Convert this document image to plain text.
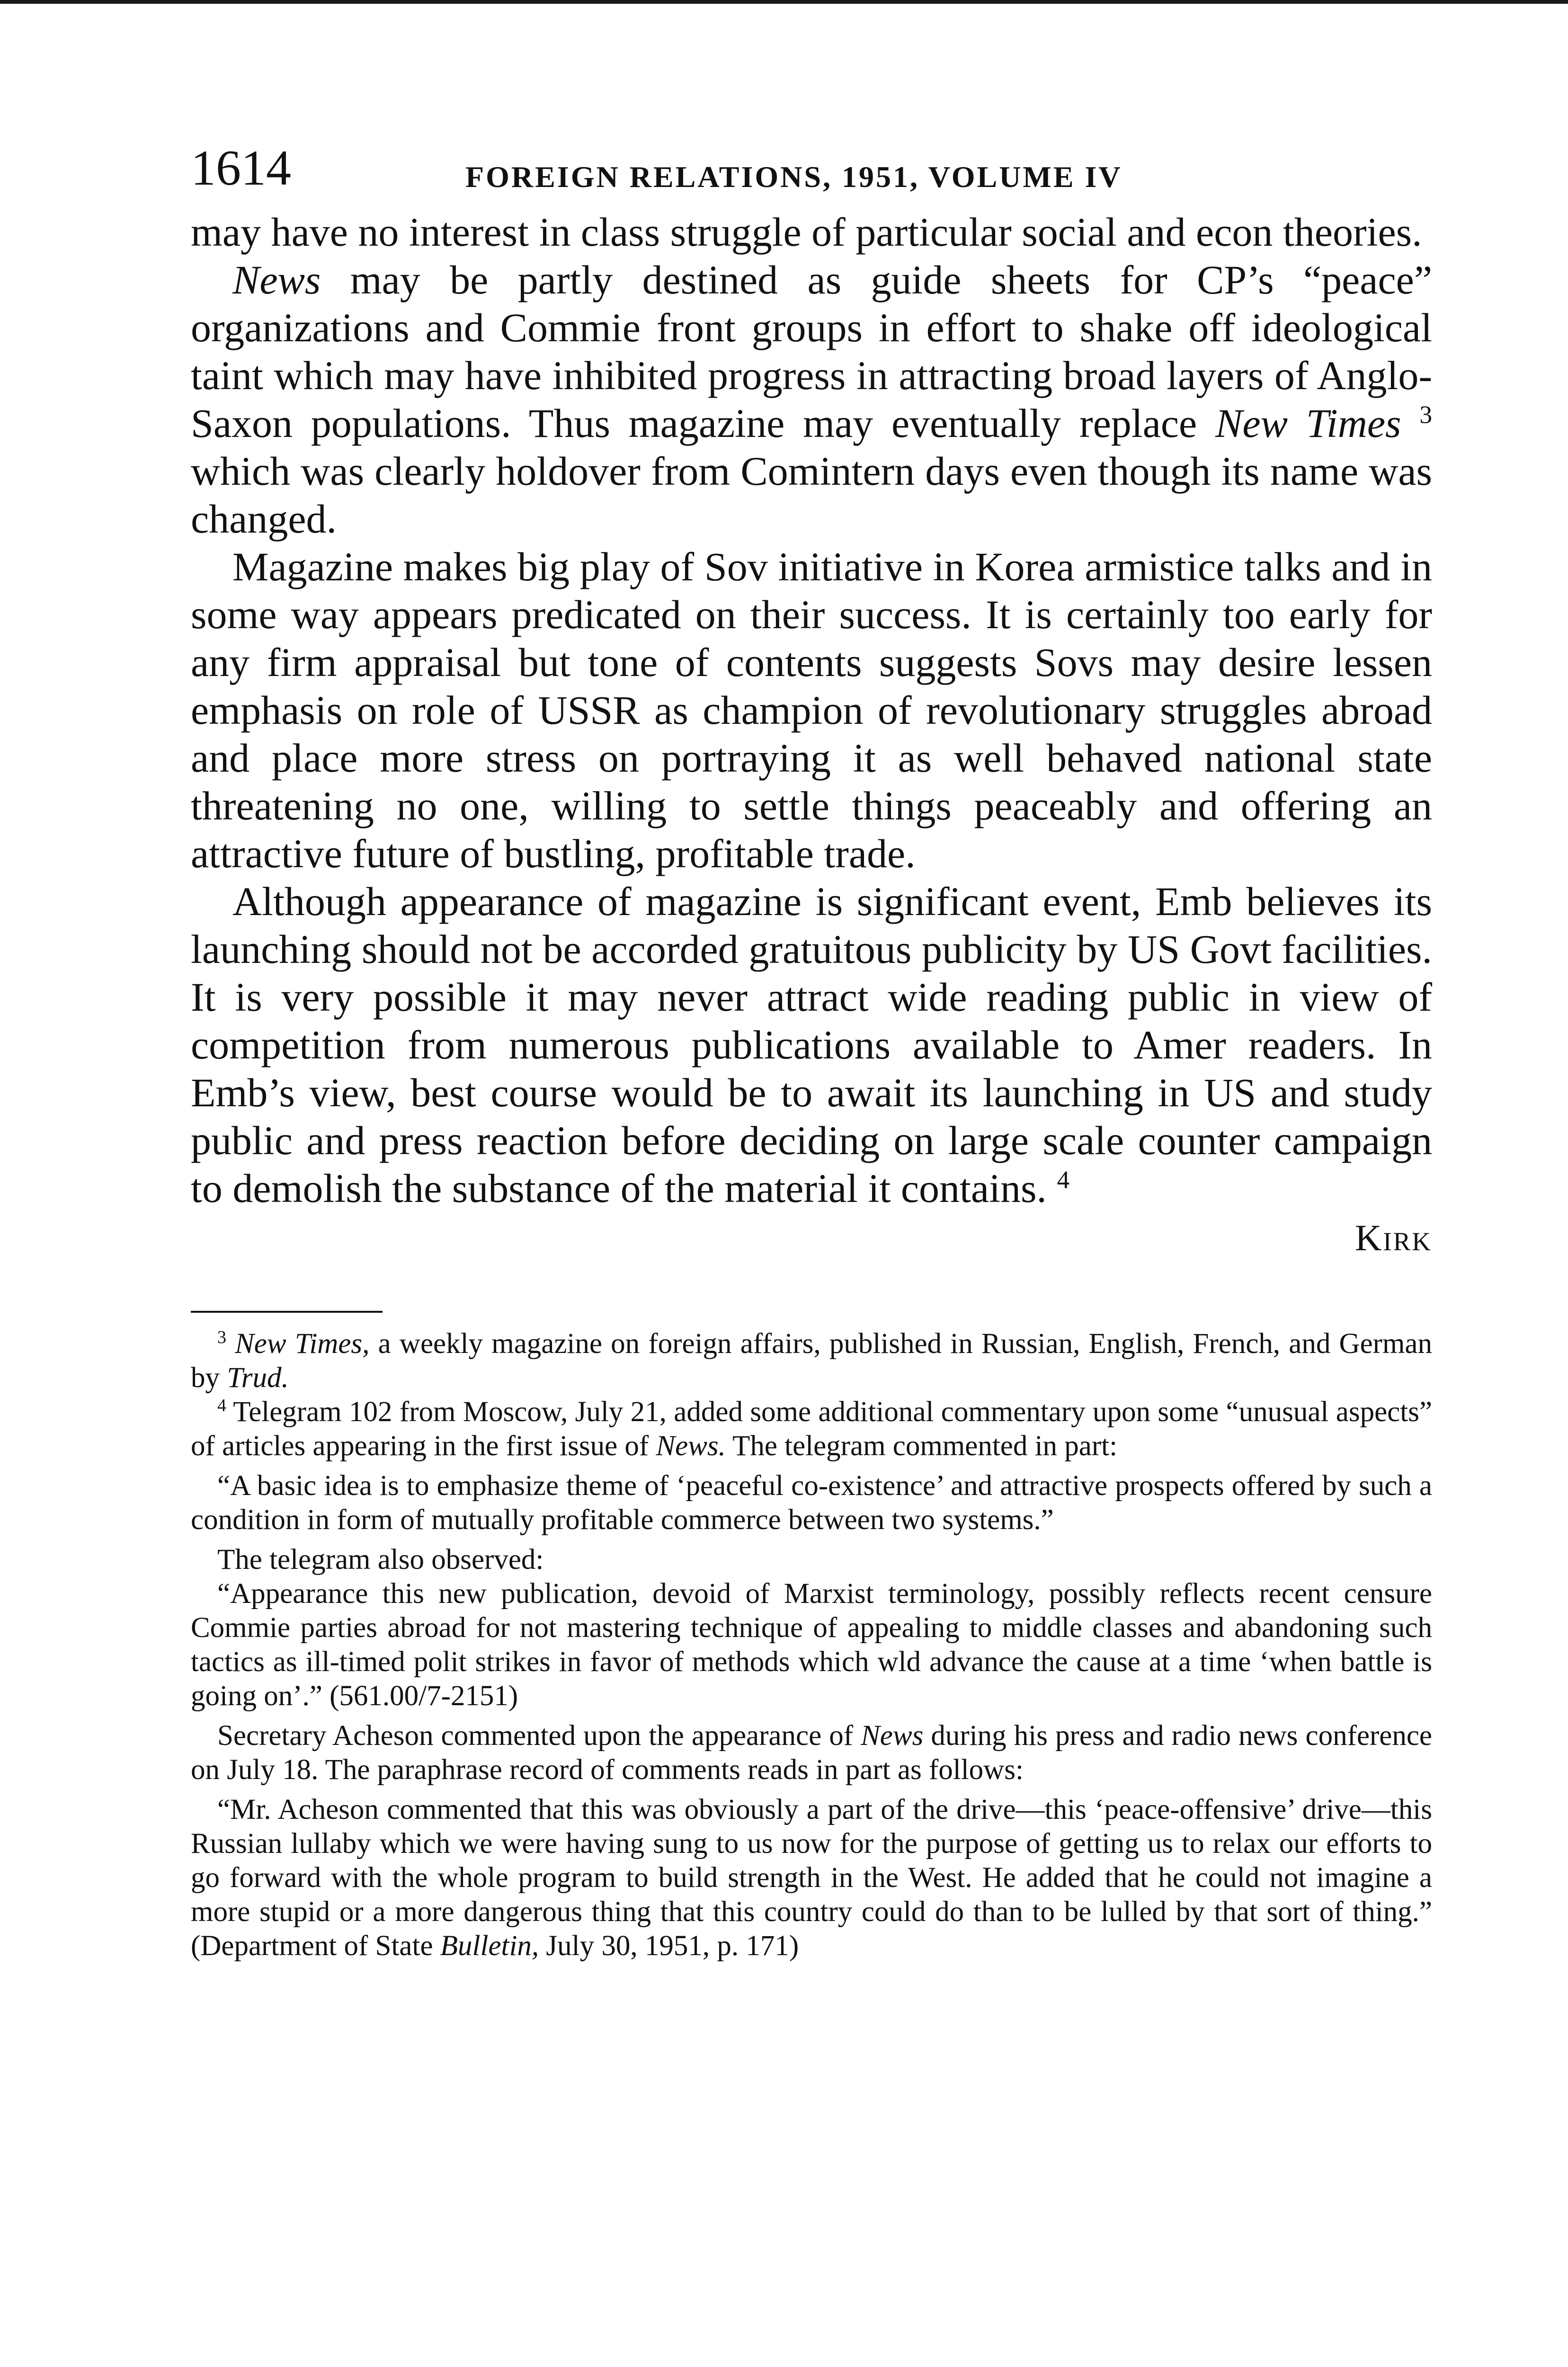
1614	FOREIGN RELATIONS, 1951, VOLUME IV

may have no interest in class struggle of particular social and econ theories.

News may be partly destined as guide sheets for CP’s “peace” organizations and Commie front groups in effort to shake off ideological taint which may have inhibited progress in attracting broad layers of Anglo-Saxon populations. Thus magazine may eventually replace New Times $^3$ which was clearly holdover from Comintern days even though its name was changed.

Magazine makes big play of Sov initiative in Korea armistice talks and in some way appears predicated on their success. It is certainly too early for any firm appraisal but tone of contents suggests Sovs may desire lessen emphasis on role of USSR as champion of revolutionary struggles abroad and place more stress on portraying it as well behaved national state threatening no one, willing to settle things peaceably and offering an attractive future of bustling, profitable trade.

Although appearance of magazine is significant event, Emb believes its launching should not be accorded gratuitous publicity by US Govt facilities. It is very possible it may never attract wide reading public in view of competition from numerous publications available to Amer readers. In Emb’s view, best course would be to await its launching in US and study public and press reaction before deciding on large scale counter campaign to demolish the substance of the material it contains. $^4$

Kirk

$^3$ New Times, a weekly magazine on foreign affairs, published in Russian, English, French, and German by Trud.

$^4$ Telegram 102 from Moscow, July 21, added some additional commentary upon some “unusual aspects” of articles appearing in the first issue of News. The telegram commented in part:

“A basic idea is to emphasize theme of ‘peaceful co-existence’ and attractive prospects offered by such a condition in form of mutually profitable commerce between two systems.”

The telegram also observed:

“Appearance this new publication, devoid of Marxist terminology, possibly reflects recent censure Commie parties abroad for not mastering technique of appealing to middle classes and abandoning such tactics as ill-timed polit strikes in favor of methods which wld advance the cause at a time ‘when battle is going on’.” (561.00/7-2151)

Secretary Acheson commented upon the appearance of News during his press and radio news conference on July 18. The paraphrase record of comments reads in part as follows:

“Mr. Acheson commented that this was obviously a part of the drive—this ‘peace-offensive’ drive—this Russian lullaby which we were having sung to us now for the purpose of getting us to relax our efforts to go forward with the whole program to build strength in the West. He added that he could not imagine a more stupid or a more dangerous thing that this country could do than to be lulled by that sort of thing.” (Department of State Bulletin, July 30, 1951, p. 171)
